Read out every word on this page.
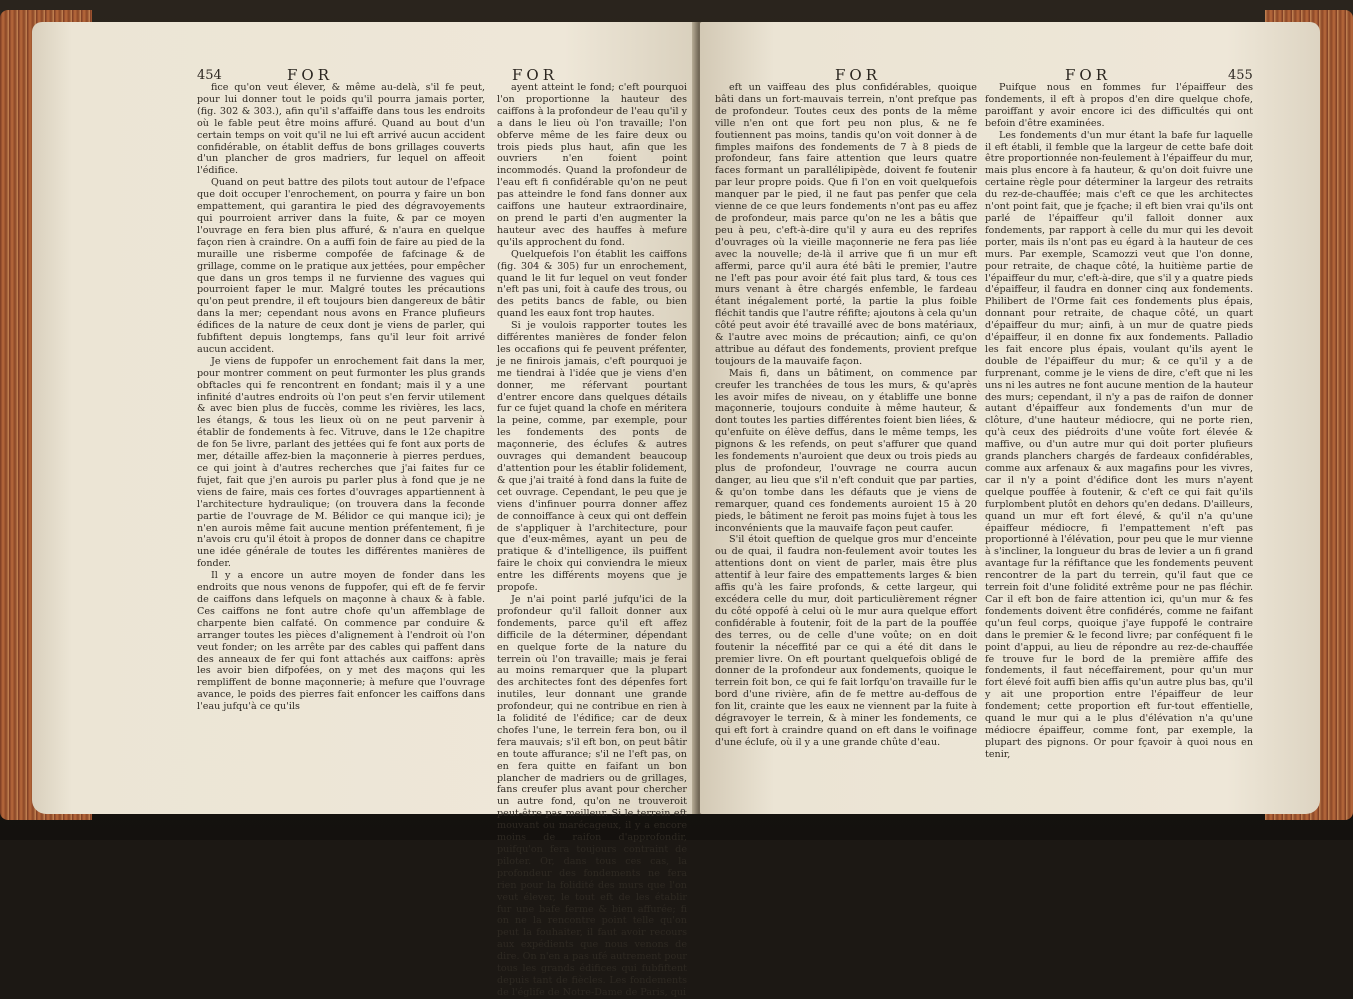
454	FOR	FOR

fice qu'on veut élever, & même au-delà, s'il fe peut, pour lui donner tout le poids qu'il pourra jamais porter, (fig. 302 & 303.), afin qu'il s'affaiffe dans tous les endroits où le fable peut être moins affuré. Quand au bout d'un certain temps on voit qu'il ne lui eft arrivé aucun accident confidérable, on établit deffus de bons grillages couverts d'un plancher de gros madriers, fur lequel on affeoit l'édifice.

Quand on peut battre des pilots tout autour de l'efpace que doit occuper l'enrochement, on pourra y faire un bon empattement, qui garantira le pied des dégravoyements qui pourroient arriver dans la fuite, & par ce moyen l'ouvrage en fera bien plus affuré, & n'aura en quelque façon rien à craindre. On a auffi foin de faire au pied de la muraille une risberme compofée de fafcinage & de grillage, comme on le pratique aux jettées, pour empêcher que dans un gros temps il ne furvienne des vagues qui pourroient faper le mur. Malgré toutes les précautions qu'on peut prendre, il eft toujours bien dangereux de bâtir dans la mer; cependant nous avons en France plufieurs édifices de la nature de ceux dont je viens de parler, qui fubfiftent depuis longtemps, fans qu'il leur foit arrivé aucun accident.

Je viens de fuppofer un enrochement fait dans la mer, pour montrer comment on peut furmonter les plus grands obftacles qui fe rencontrent en fondant; mais il y a une infinité d'autres endroits où l'on peut s'en fervir utilement & avec bien plus de fuccès, comme les rivières, les lacs, les étangs, & tous les lieux où on ne peut parvenir à établir de fondements à fec. Vitruve, dans le 12e chapitre de fon 5e livre, parlant des jettées qui fe font aux ports de mer, détaille affez-bien la maçonnerie à pierres perdues, ce qui joint à d'autres recherches que j'ai faites fur ce fujet, fait que j'en aurois pu parler plus à fond que je ne viens de faire, mais ces fortes d'ouvrages appartiennent à l'architecture hydraulique; (on trouvera dans la feconde partie de l'ouvrage de M. Bélidor ce qui manque ici); je n'en aurois même fait aucune mention préfentement, fi je n'avois cru qu'il étoit à propos de donner dans ce chapitre une idée générale de toutes les différentes manières de fonder.

Il y a encore un autre moyen de fonder dans les endroits que nous venons de fuppofer, qui eft de fe fervir de caiffons dans lefquels on maçonne à chaux & à fable. Ces caiffons ne font autre chofe qu'un affemblage de charpente bien calfaté. On commence par conduire & arranger toutes les pièces d'alignement à l'endroit où l'on veut fonder; on les arrête par des cables qui paffent dans des anneaux de fer qui font attachés aux caiffons: après les avoir bien difpofées, on y met des maçons qui les rempliffent de bonne maçonnerie; à mefure que l'ouvrage avance, le poids des pierres fait enfoncer les caiffons dans l'eau jufqu'à ce qu'ils

ayent atteint le fond; c'eft pourquoi l'on proportionne la hauteur des caiffons à la profondeur de l'eau qu'il y a dans le lieu où l'on travaille; l'on obferve même de les faire deux ou trois pieds plus haut, afin que les ouvriers n'en foient point incommodés. Quand la profondeur de l'eau eft fi confidérable qu'on ne peut pas atteindre le fond fans donner aux caiffons une hauteur extraordinaire, on prend le parti d'en augmenter la hauteur avec des hauffes à mefure qu'ils approchent du fond.

Quelquefois l'on établit les caiffons (fig. 304 & 305) fur un enrochement, quand le lit fur lequel on veut fonder n'eft pas uni, foit à caufe des trous, ou des petits bancs de fable, ou bien quand les eaux font trop hautes.

Si je voulois rapporter toutes les différentes manières de fonder felon les occafions qui fe peuvent préfenter, je ne finirois jamais, c'eft pourquoi je me tiendrai à l'idée que je viens d'en donner, me réfervant pourtant d'entrer encore dans quelques détails fur ce fujet quand la chofe en méritera la peine, comme, par exemple, pour les fondements des ponts de maçonnerie, des éclufes & autres ouvrages qui demandent beaucoup d'attention pour les établir folidement, & que j'ai traité à fond dans la fuite de cet ouvrage. Cependant, le peu que je viens d'infinuer pourra donner affez de connoiffance à ceux qui ont deffein de s'appliquer à l'architecture, pour que d'eux-mêmes, ayant un peu de pratique & d'intelligence, ils puiffent faire le choix qui conviendra le mieux entre les différents moyens que je propofe.

Je n'ai point parlé jufqu'ici de la profondeur qu'il falloit donner aux fondements, parce qu'il eft affez difficile de la déterminer, dépendant en quelque forte de la nature du terrein où l'on travaille; mais je ferai au moins remarquer que la plupart des architectes font des dépenfes fort inutiles, leur donnant une grande profondeur, qui ne contribue en rien à la folidité de l'édifice; car de deux chofes l'une, le terrein fera bon, ou il fera mauvais; s'il eft bon, on peut bâtir en toute affurance; s'il ne l'eft pas, on en fera quitte en faifant un bon plancher de madriers ou de grillages, fans creufer plus avant pour chercher un autre fond, qu'on ne trouveroit peut-être pas meilleur. Si le terrein eft mouvant ou marécageux, il y a encore moins de raifon d'approfondir, puifqu'on fera toujours contraint de piloter. Or, dans tous ces cas, la profondeur des fondements ne fera rien pour la folidité des murs que l'on veut élever, le tout eft de les établir fur une bafe ferme & bien affurée; fi on ne la rencontre point telle qu'on peut la fouhaiter, il faut avoir recours aux expédients que nous venons de dire. On n'en a pas ufé autrement pour tous les grands édifices qui fubfiftent depuis tant de fiècles. Les fondements de l'églife de Notre-Dame de Paris, qui

FOR	FOR	455

eft un vaiffeau des plus confidérables, quoique bâti dans un fort-mauvais terrein, n'ont prefque pas de profondeur. Toutes ceux des ponts de la même ville n'en ont que fort peu non plus, & ne fe foutiennent pas moins, tandis qu'on voit donner à de fimples maifons des fondements de 7 à 8 pieds de profondeur, fans faire attention que leurs quatre faces formant un parallélipipède, doivent fe foutenir par leur propre poids. Que fi l'on en voit quelquefois manquer par le pied, il ne faut pas penfer que cela vienne de ce que leurs fondements n'ont pas eu affez de profondeur, mais parce qu'on ne les a bâtis que peu à peu, c'eft-à-dire qu'il y aura eu des reprifes d'ouvrages où la vieille maçonnerie ne fera pas liée avec la nouvelle; de-là il arrive que fi un mur eft affermi, parce qu'il aura été bâti le premier, l'autre ne l'eft pas pour avoir été fait plus tard, & tous ces murs venant à être chargés enfemble, le fardeau étant inégalement porté, la partie la plus foible fléchit tandis que l'autre réfifte; ajoutons à cela qu'un côté peut avoir été travaillé avec de bons matériaux, & l'autre avec moins de précaution; ainfi, ce qu'on attribue au défaut des fondements, provient prefque toujours de la mauvaife façon.

Mais fi, dans un bâtiment, on commence par creufer les tranchées de tous les murs, & qu'après les avoir mifes de niveau, on y établiffe une bonne maçonnerie, toujours conduite à même hauteur, & dont toutes les parties différentes foient bien liées, & qu'enfuite on élève deffus, dans le même temps, les pignons & les refends, on peut s'affurer que quand les fondements n'auroient que deux ou trois pieds au plus de profondeur, l'ouvrage ne courra aucun danger, au lieu que s'il n'eft conduit que par parties, & qu'on tombe dans les défauts que je viens de remarquer, quand ces fondements auroient 15 à 20 pieds, le bâtiment ne feroit pas moins fujet à tous les inconvénients que la mauvaife façon peut caufer.

S'il étoit queftion de quelque gros mur d'enceinte ou de quai, il faudra non-feulement avoir toutes les attentions dont on vient de parler, mais être plus attentif à leur faire des empattements larges & bien affis qu'à les faire profonds, & cette largeur, qui excédera celle du mur, doit particulièrement régner du côté oppofé à celui où le mur aura quelque effort confidérable à foutenir, foit de la part de la pouffée des terres, ou de celle d'une voûte; on en doit foutenir la néceffité par ce qui a été dit dans le premier livre. On eft pourtant quelquefois obligé de donner de la profondeur aux fondements, quoique le terrein foit bon, ce qui fe fait lorfqu'on travaille fur le bord d'une rivière, afin de fe mettre au-deffous de fon lit, crainte que les eaux ne viennent par la fuite à dégravoyer le terrein, & à miner les fondements, ce qui eft fort à craindre quand on eft dans le voifinage d'une éclufe, où il y a une grande chûte d'eau.

Puifque nous en fommes fur l'épaiffeur des fondements, il eft à propos d'en dire quelque chofe, paroiffant y avoir encore ici des difficultés qui ont befoin d'être examinées.

Les fondements d'un mur étant la bafe fur laquelle il eft établi, il femble que la largeur de cette bafe doit être proportionnée non-feulement à l'épaiffeur du mur, mais plus encore à fa hauteur, & qu'on doit fuivre une certaine règle pour déterminer la largeur des retraits du rez-de-chauffée; mais c'eft ce que les architectes n'ont point fait, que je fçache; il eft bien vrai qu'ils ont parlé de l'épaiffeur qu'il falloit donner aux fondements, par rapport à celle du mur qui les devoit porter, mais ils n'ont pas eu égard à la hauteur de ces murs. Par exemple, Scamozzi veut que l'on donne, pour retraite, de chaque côté, la huitième partie de l'épaiffeur du mur, c'eft-à-dire, que s'il y a quatre pieds d'épaiffeur, il faudra en donner cinq aux fondements. Philibert de l'Orme fait ces fondements plus épais, donnant pour retraite, de chaque côté, un quart d'épaiffeur du mur; ainfi, à un mur de quatre pieds d'épaiffeur, il en donne fix aux fondements. Palladio les fait encore plus épais, voulant qu'ils ayent le double de l'épaiffeur du mur; & ce qu'il y a de furprenant, comme je le viens de dire, c'eft que ni les uns ni les autres ne font aucune mention de la hauteur des murs; cependant, il n'y a pas de raifon de donner autant d'épaiffeur aux fondements d'un mur de clôture, d'une hauteur médiocre, qui ne porte rien, qu'à ceux des piédroits d'une voûte fort élevée & maffive, ou d'un autre mur qui doit porter plufieurs grands planchers chargés de fardeaux confidérables, comme aux arfenaux & aux magafins pour les vivres, car il n'y a point d'édifice dont les murs n'ayent quelque pouffée à foutenir, & c'eft ce qui fait qu'ils furplombent plutôt en dehors qu'en dedans. D'ailleurs, quand un mur eft fort élevé, & qu'il n'a qu'une épaiffeur médiocre, fi l'empattement n'eft pas proportionné à l'élévation, pour peu que le mur vienne à s'incliner, la longueur du bras de levier a un fi grand avantage fur la réfiftance que les fondements peuvent rencontrer de la part du terrein, qu'il faut que ce terrein foit d'une folidité extrême pour ne pas fléchir. Car il eft bon de faire attention ici, qu'un mur & fes fondements doivent être confidérés, comme ne faifant qu'un feul corps, quoique j'aye fuppofé le contraire dans le premier & le fecond livre; par conféquent fi le point d'appui, au lieu de répondre au rez-de-chauffée fe trouve fur le bord de la première affife des fondements, il faut néceffairement, pour qu'un mur fort élevé foit auffi bien affis qu'un autre plus bas, qu'il y ait une proportion entre l'épaiffeur de leur fondement; cette proportion eft fur-tout effentielle, quand le mur qui a le plus d'élévation n'a qu'une médiocre épaiffeur, comme font, par exemple, la plupart des pignons. Or pour fçavoir à quoi nous en tenir,
